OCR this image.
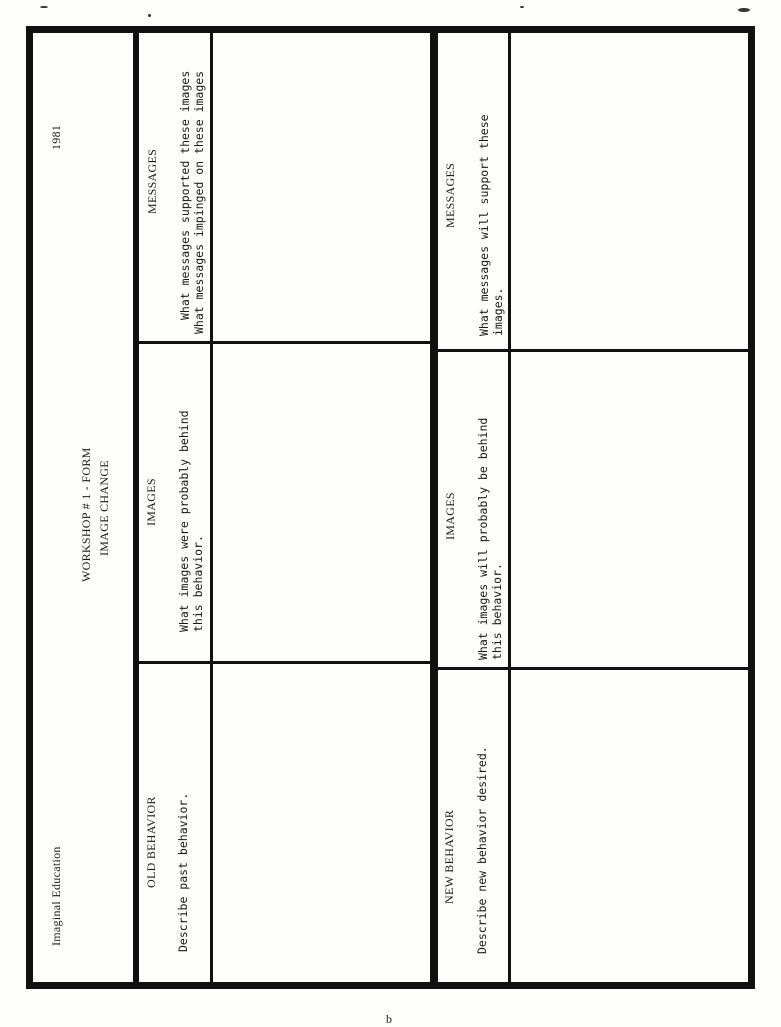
Imaginal Education
1981
WORKSHOP # 1 - FORM IMAGE CHANGE
OLD BEHAVIOR Describe past behavior.
IMAGES What images were probably behind this behavior.
MESSAGES What messages supported these images What messages impinged on these images
NEW BEHAVIOR Describe new behavior desired.
IMAGES What images will probably be behind this behavior.
MESSAGES What messages will support these images.
b
